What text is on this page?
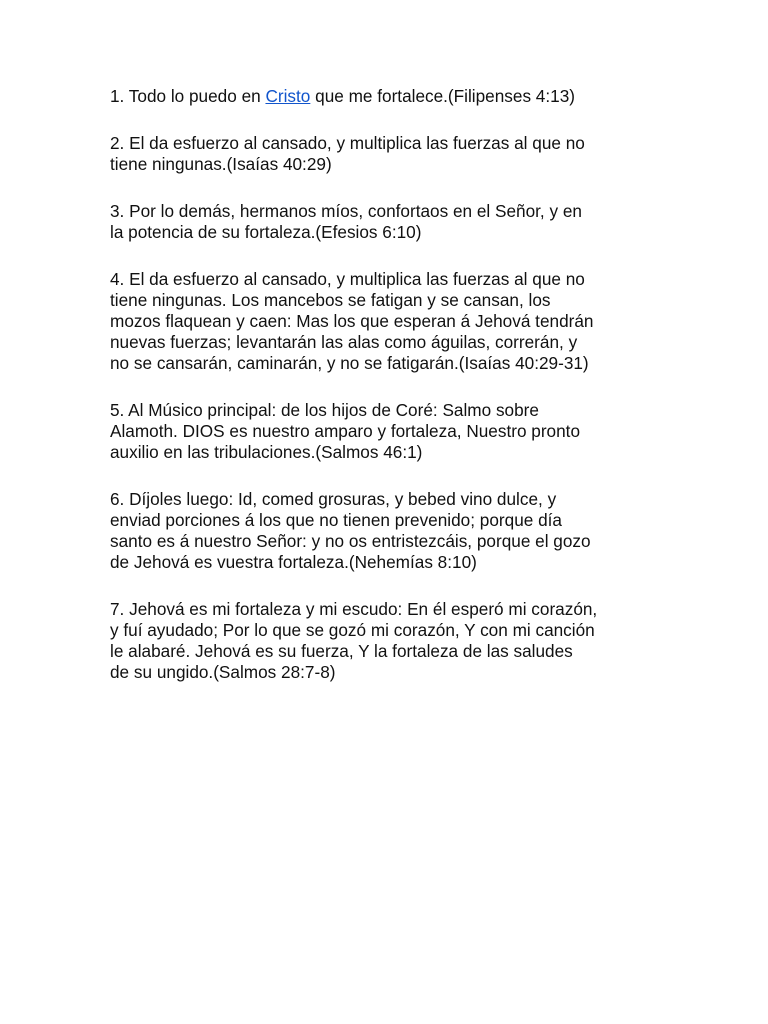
1. Todo lo puedo en Cristo que me fortalece.(Filipenses 4:13)

2. El da esfuerzo al cansado, y multiplica las fuerzas al que no
tiene ningunas.(Isaías 40:29)

3. Por lo demás, hermanos míos, confortaos en el Señor, y en
la potencia de su fortaleza.(Efesios 6:10)

4. El da esfuerzo al cansado, y multiplica las fuerzas al que no
tiene ningunas. Los mancebos se fatigan y se cansan, los
mozos flaquean y caen: Mas los que esperan á Jehová tendrán
nuevas fuerzas; levantarán las alas como águilas, correrán, y
no se cansarán, caminarán, y no se fatigarán.(Isaías 40:29-31)

5. Al Músico principal: de los hijos de Coré: Salmo sobre
Alamoth. DIOS es nuestro amparo y fortaleza, Nuestro pronto
auxilio en las tribulaciones.(Salmos 46:1)

6. Díjoles luego: Id, comed grosuras, y bebed vino dulce, y
enviad porciones á los que no tienen prevenido; porque día
santo es á nuestro Señor: y no os entristezcáis, porque el gozo
de Jehová es vuestra fortaleza.(Nehemías 8:10)

7. Jehová es mi fortaleza y mi escudo: En él esperó mi corazón,
y fuí ayudado; Por lo que se gozó mi corazón, Y con mi canción
le alabaré. Jehová es su fuerza, Y la fortaleza de las saludes
de su ungido.(Salmos 28:7-8)
